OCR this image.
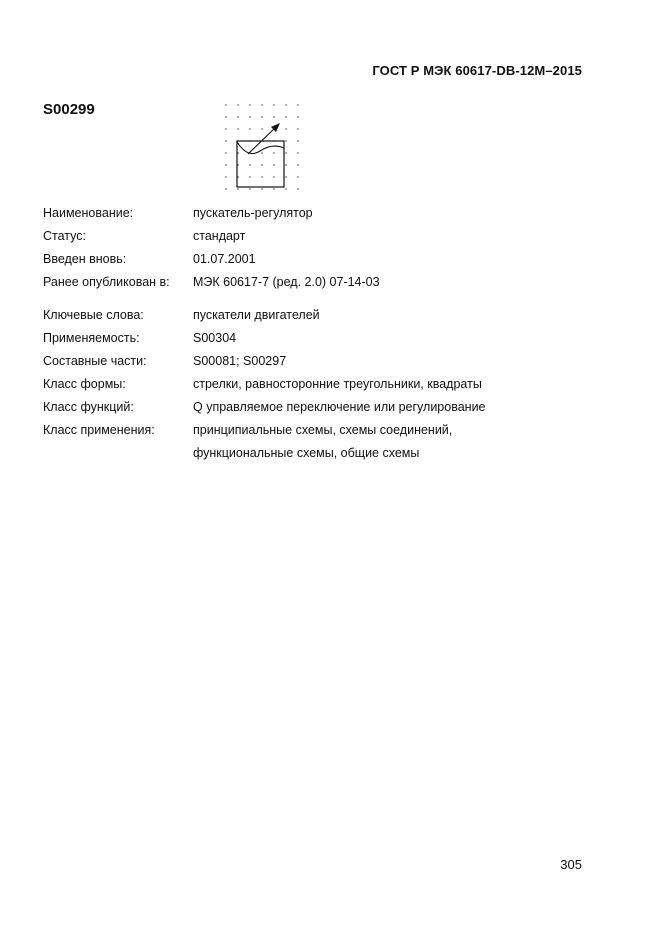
ГОСТ Р МЭК 60617-DB-12M–2015
S00299
Наименование:	пускатель-регулятор
Статус:	стандарт
Введен вновь:	01.07.2001
Ранее опубликован в: МЭК 60617-7 (ред. 2.0) 07-14-03
Ключевые слова:	пускатели двигателей
Применяемость:	S00304
Составные части:	S00081; S00297
Класс формы:	стрелки, равносторонние треугольники, квадраты
Класс функций:	Q управляемое переключение или регулирование
Класс применения:	принципиальные схемы, схемы соединений,
функциональные схемы, общие схемы
305
